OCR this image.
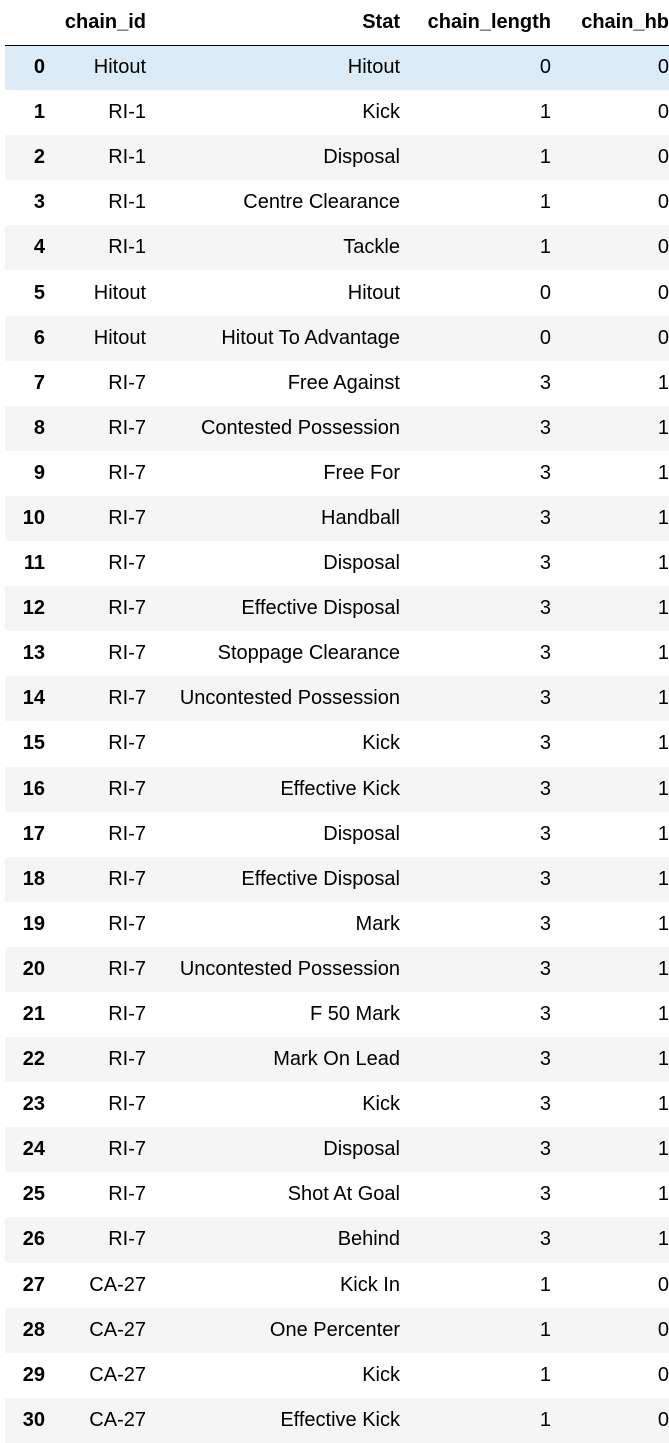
	chain_id	Stat	chain_length	chain_hb
0	Hitout	Hitout	0	0
1	RI-1	Kick	1	0
2	RI-1	Disposal	1	0
3	RI-1	Centre Clearance	1	0
4	RI-1	Tackle	1	0
5	Hitout	Hitout	0	0
6	Hitout	Hitout To Advantage	0	0
7	RI-7	Free Against	3	1
8	RI-7	Contested Possession	3	1
9	RI-7	Free For	3	1
10	RI-7	Handball	3	1
11	RI-7	Disposal	3	1
12	RI-7	Effective Disposal	3	1
13	RI-7	Stoppage Clearance	3	1
14	RI-7	Uncontested Possession	3	1
15	RI-7	Kick	3	1
16	RI-7	Effective Kick	3	1
17	RI-7	Disposal	3	1
18	RI-7	Effective Disposal	3	1
19	RI-7	Mark	3	1
20	RI-7	Uncontested Possession	3	1
21	RI-7	F 50 Mark	3	1
22	RI-7	Mark On Lead	3	1
23	RI-7	Kick	3	1
24	RI-7	Disposal	3	1
25	RI-7	Shot At Goal	3	1
26	RI-7	Behind	3	1
27	CA-27	Kick In	1	0
28	CA-27	One Percenter	1	0
29	CA-27	Kick	1	0
30	CA-27	Effective Kick	1	0
